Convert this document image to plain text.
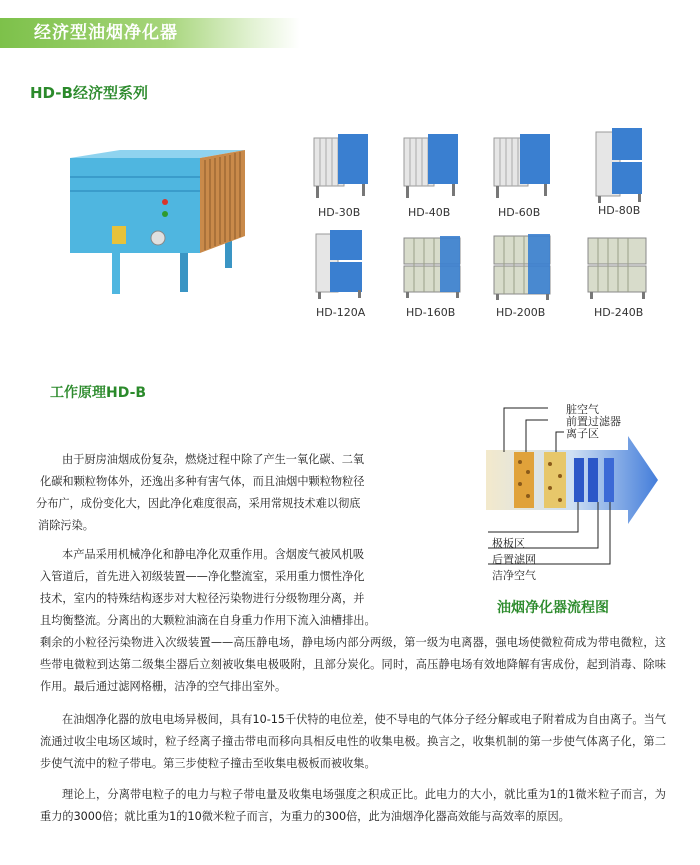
经济型油烟净化器
HD-B经济型系列
HD-30B	HD-40B	HD-60B	HD-80B
HD-120A	HD-160B	HD-200B	HD-240B
工作原理HD-B
由于厨房油烟成份复杂，燃烧过程中除了产生一氧化碳、二氧
化碳和颗粒物体外，还逸出多种有害气体，而且油烟中颗粒物粒径
分布广，成份变化大，因此净化难度很高，采用常规技术难以彻底
消除污染。
本产品采用机械净化和静电净化双重作用。含烟废气被风机吸
入管道后，首先进入初级装置——净化整流室，采用重力惯性净化
技术，室内的特殊结构逐步对大粒径污染物进行分级物理分离，并
且均衡整流。分离出的大颗粒油滴在自身重力作用下流入油槽排出。
剩余的小粒径污染物进入次级装置——高压静电场，静电场内部分两级，第一级为电离器，强电场使微粒荷成为带电微粒，这些带电微粒到达第二级集尘器后立刻被收集电极吸附，且部分炭化。同时，高压静电场有效地降解有害成份，起到消毒、除味作用。最后通过滤网格栅，洁净的空气排出室外。
在油烟净化器的放电电场异极间，具有10-15千伏特的电位差，使不导电的气体分子经分解或电子附着成为自由离子。当气流通过收尘电场区域时，粒子经离子撞击带电而移向具相反电性的收集电极。换言之，收集机制的第一步使气体离子化，第二步使气流中的粒子带电。第三步使粒子撞击至收集电极板而被收集。
理论上，分离带电粒子的电力与粒子带电量及收集电场强度之积成正比。此电力的大小，就比重为1的1微米粒子而言，为重力的3000倍；就比重为1的10微米粒子而言，为重力的300倍，此为油烟净化器高效能与高效率的原因。
脏空气
前置过滤器
离子区
极板区
后置滤网
洁净空气
油烟净化器流程图
